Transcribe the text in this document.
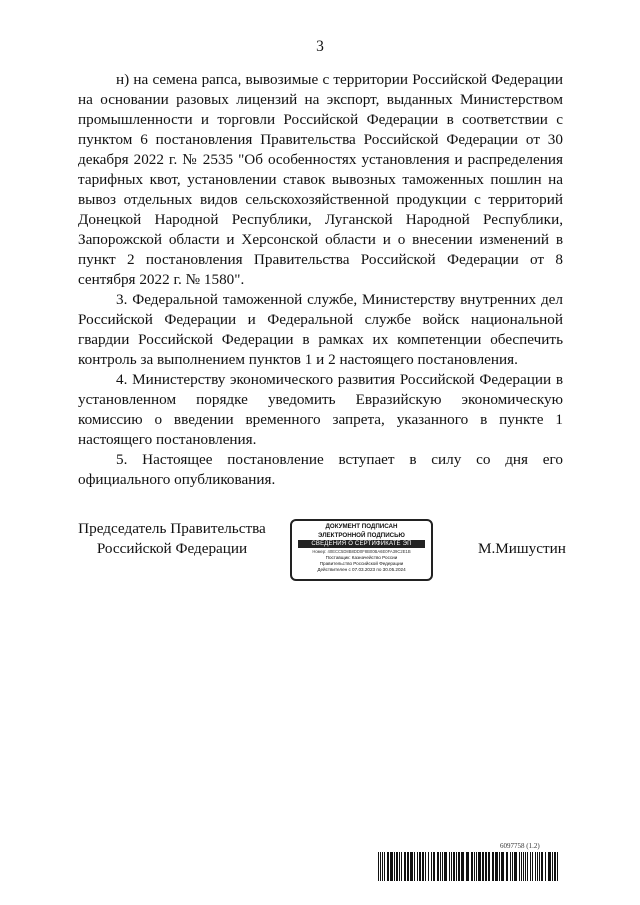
3

н) на семена рапса, вывозимые с территории Российской Федерации на основании разовых лицензий на экспорт, выданных Министерством промышленности и торговли Российской Федерации в соответствии с пунктом 6 постановления Правительства Российской Федерации от 30 декабря 2022 г. № 2535 "Об особенностях установления и распределения тарифных квот, установлении ставок вывозных таможенных пошлин на вывоз отдельных видов сельскохозяйственной продукции с территорий Донецкой Народной Республики, Луганской Народной Республики, Запорожской области и Херсонской области и о внесении изменений в пункт 2 постановления Правительства Российской Федерации от 8 сентября 2022 г. № 1580".

3. Федеральной таможенной службе, Министерству внутренних дел Российской Федерации и Федеральной службе войск национальной гвардии Российской Федерации в рамках их компетенции обеспечить контроль за выполнением пунктов 1 и 2 настоящего постановления.

4. Министерству экономического развития Российской Федерации в установленном порядке уведомить Евразийскую экономическую комиссию о введении временного запрета, указанного в пункте 1 настоящего постановления.

5. Настоящее постановление вступает в силу со дня его официального опубликования.

Председатель Правительства
Российской Федерации
ДОКУМЕНТ ПОДПИСАН
ЭЛЕКТРОННОЙ ПОДПИСЬЮ
СВЕДЕНИЯ О СЕРТИФИКАТЕ ЭП
Номер: 40ECC5D8B8DD0F8B00BA6E0FA39C2E1B
Поставщик: Казначейство России
Правительство Российской Федерации
Действителен с 07.03.2023 по 30.05.2024
М.Мишустин
6097758 (1.2)
